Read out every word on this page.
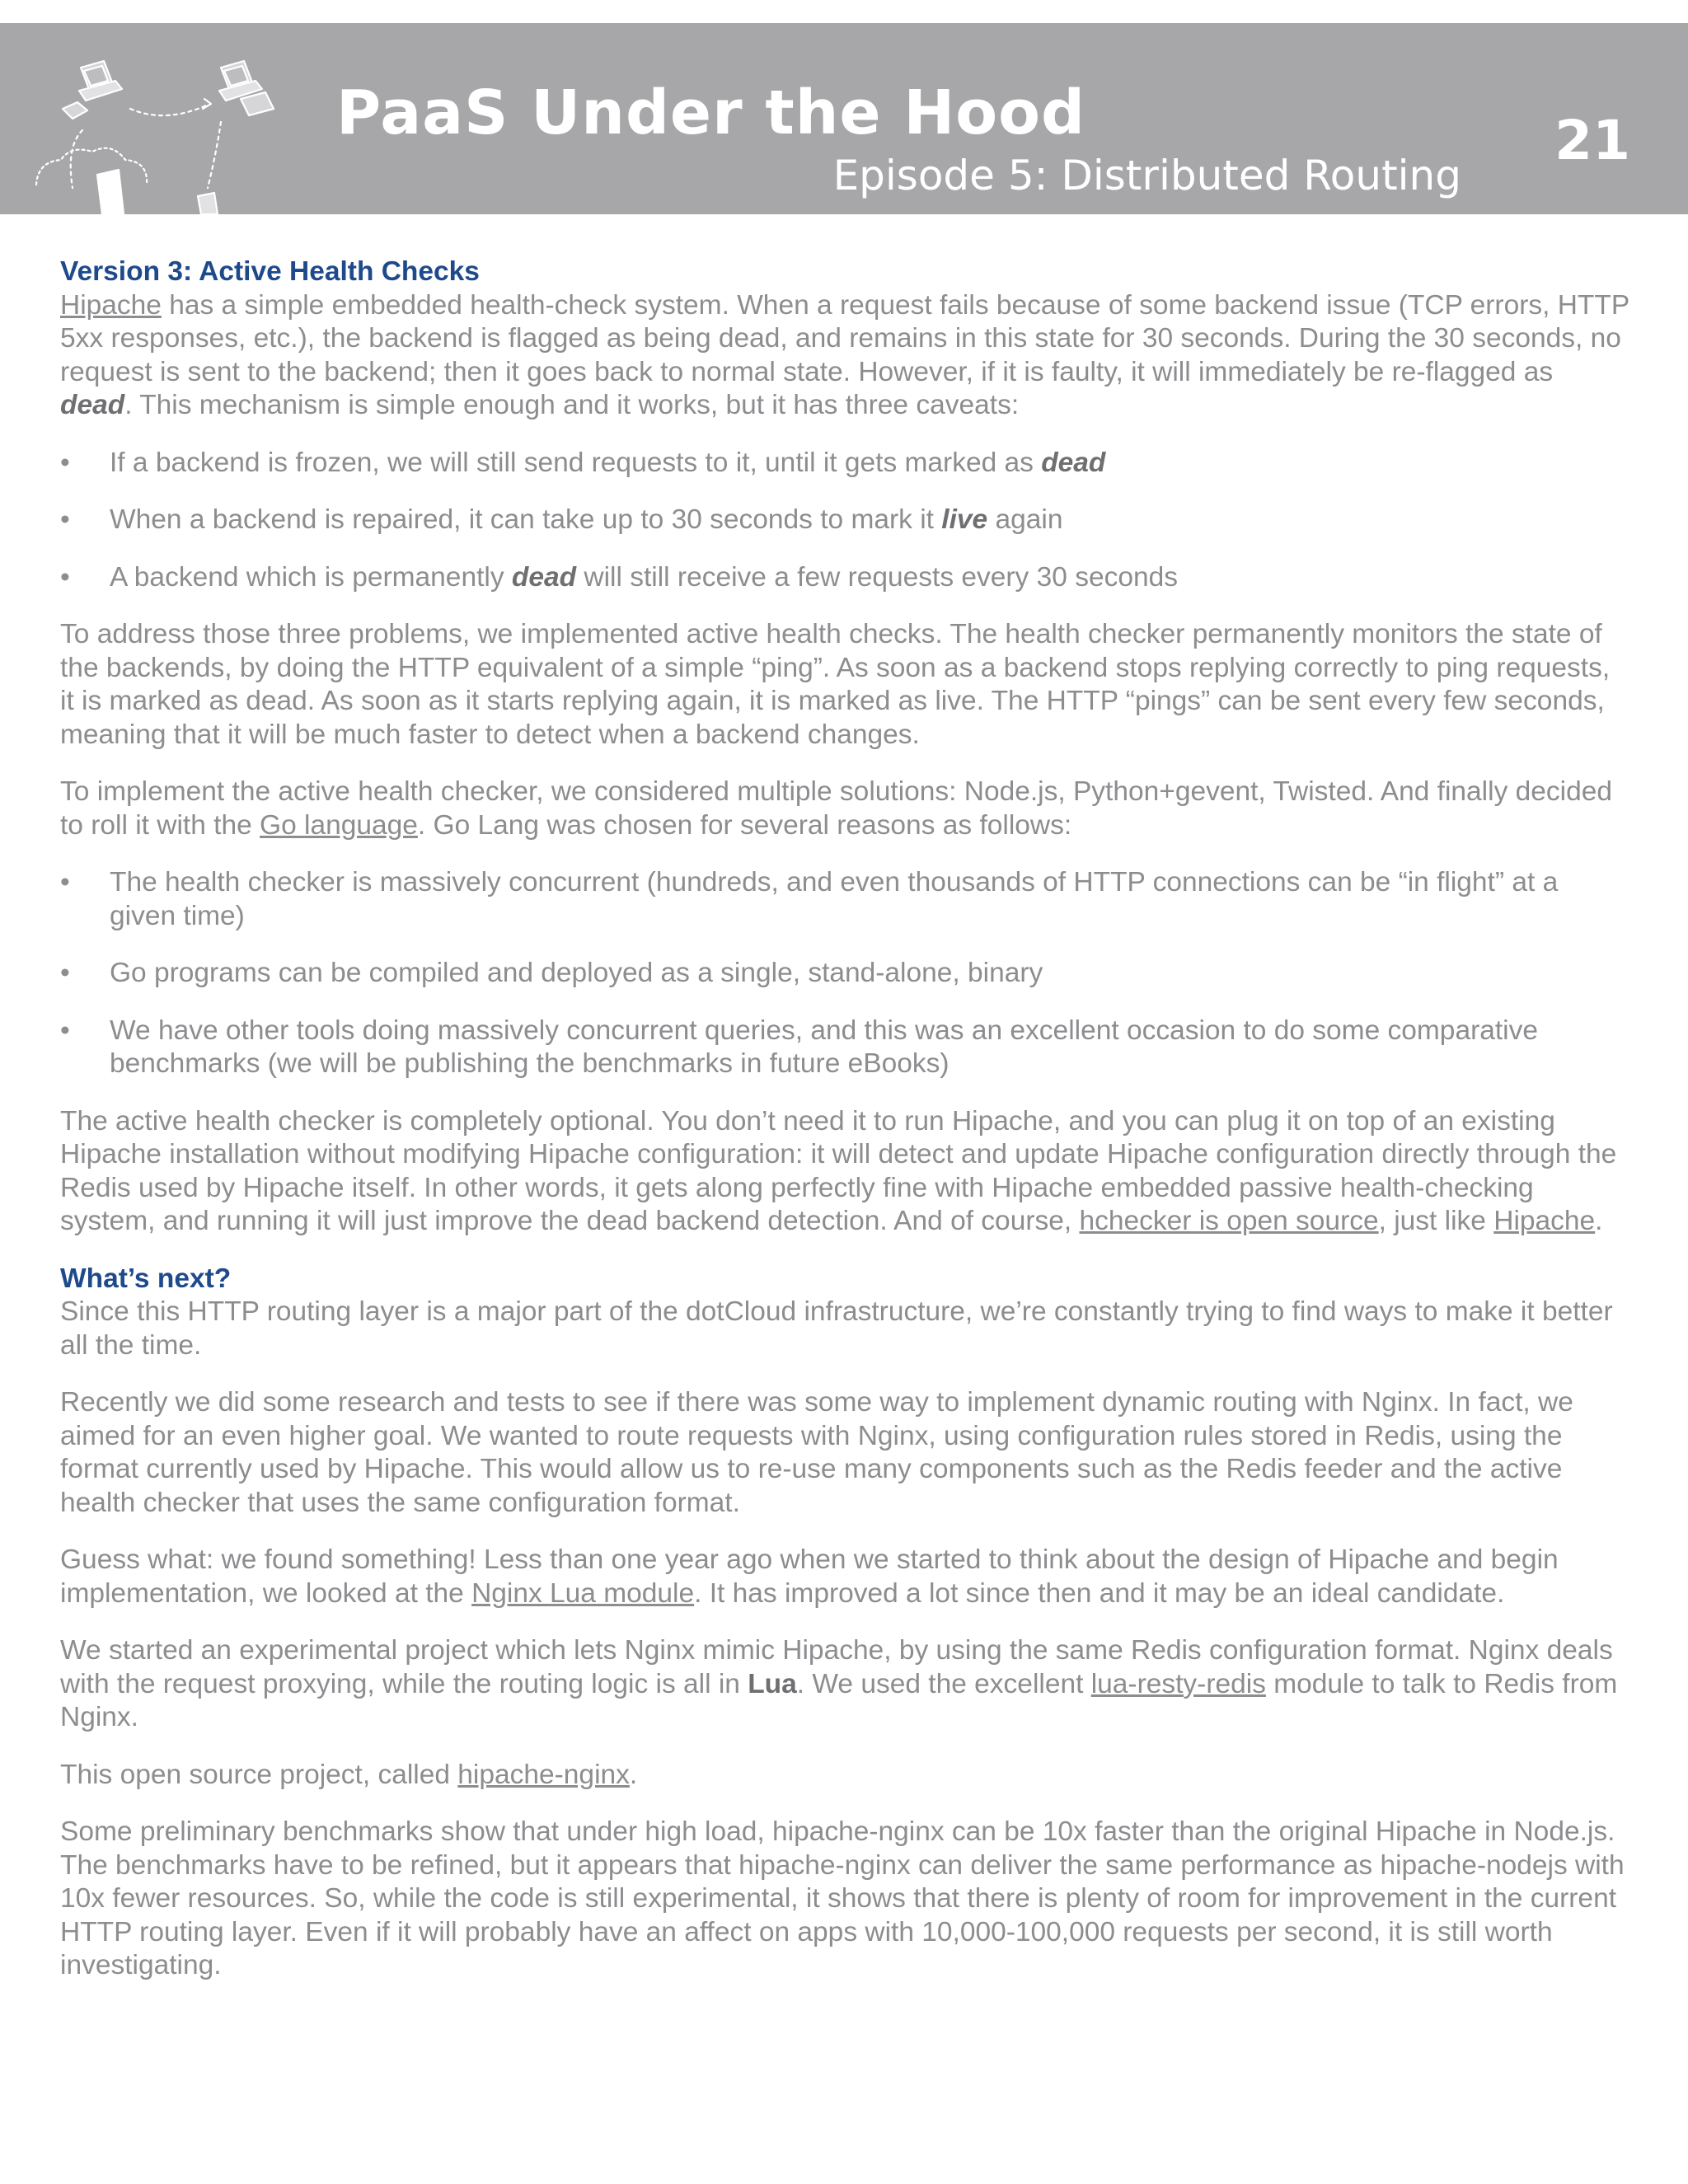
PaaS Under the Hood
Episode 5: Distributed Routing
21
Version 3: Active Health Checks

Hipache has a simple embedded health-check system. When a request fails because of some backend issue (TCP errors, HTTP 5xx responses, etc.), the backend is flagged as being dead, and remains in this state for 30 seconds. During the 30 seconds, no request is sent to the backend; then it goes back to normal state. However, if it is faulty, it will immediately be re-flagged as dead. This mechanism is simple enough and it works, but it has three caveats:

• If a backend is frozen, we will still send requests to it, until it gets marked as dead
• When a backend is repaired, it can take up to 30 seconds to mark it live again
• A backend which is permanently dead will still receive a few requests every 30 seconds

To address those three problems, we implemented active health checks. The health checker permanently monitors the state of the backends, by doing the HTTP equivalent of a simple “ping”. As soon as a backend stops replying correctly to ping requests, it is marked as dead. As soon as it starts replying again, it is marked as live. The HTTP “pings” can be sent every few seconds, meaning that it will be much faster to detect when a backend changes.

To implement the active health checker, we considered multiple solutions: Node.js, Python+gevent, Twisted. And finally decided to roll it with the Go language. Go Lang was chosen for several reasons as follows:

• The health checker is massively concurrent (hundreds, and even thousands of HTTP connections can be “in flight” at a given time)
• Go programs can be compiled and deployed as a single, stand-alone, binary
• We have other tools doing massively concurrent queries, and this was an excellent occasion to do some comparative benchmarks (we will be publishing the benchmarks in future eBooks)

The active health checker is completely optional. You don’t need it to run Hipache, and you can plug it on top of an existing Hipache installation without modifying Hipache configuration: it will detect and update Hipache configuration directly through the Redis used by Hipache itself. In other words, it gets along perfectly fine with Hipache embedded passive health-checking system, and running it will just improve the dead backend detection. And of course, hchecker is open source, just like Hipache.

What’s next?

Since this HTTP routing layer is a major part of the dotCloud infrastructure, we’re constantly trying to find ways to make it better all the time.

Recently we did some research and tests to see if there was some way to implement dynamic routing with Nginx. In fact, we aimed for an even higher goal. We wanted to route requests with Nginx, using configuration rules stored in Redis, using the format currently used by Hipache. This would allow us to re-use many components such as the Redis feeder and the active health checker that uses the same configuration format.

Guess what: we found something! Less than one year ago when we started to think about the design of Hipache and begin implementation, we looked at the Nginx Lua module. It has improved a lot since then and it may be an ideal candidate.

We started an experimental project which lets Nginx mimic Hipache, by using the same Redis configuration format. Nginx deals with the request proxying, while the routing logic is all in Lua. We used the excellent lua-resty-redis module to talk to Redis from Nginx.

This open source project, called hipache-nginx.

Some preliminary benchmarks show that under high load, hipache-nginx can be 10x faster than the original Hipache in Node.js. The benchmarks have to be refined, but it appears that hipache-nginx can deliver the same performance as hipache-nodejs with 10x fewer resources. So, while the code is still experimental, it shows that there is plenty of room for improvement in the current HTTP routing layer. Even if it will probably have an affect on apps with 10,000-100,000 requests per second, it is still worth investigating.
